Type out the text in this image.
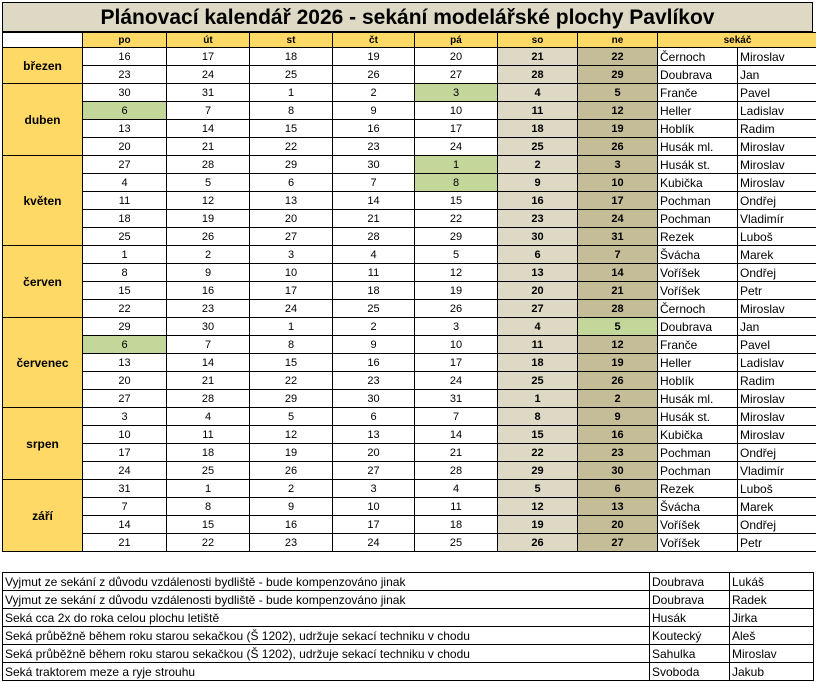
Plánovací kalendář 2026 - sekání modelářské plochy Pavlíkov
	po	út	st	čt	pá	so	ne	sekáč		
březen	16	17	18	19	20	21	22	Černoch	Miroslav	
	23	24	25	26	27	28	29	Doubrava	Jan	
duben	30	31	1	2	3	4	5	Franče	Pavel	
	6	7	8	9	10	11	12	Heller	Ladislav	
	13	14	15	16	17	18	19	Hoblík	Radim	
	20	21	22	23	24	25	26	Husák ml.	Miroslav	
květen	27	28	29	30	1	2	3	Husák st.	Miroslav	
	4	5	6	7	8	9	10	Kubička	Miroslav	
	11	12	13	14	15	16	17	Pochman	Ondřej	
	18	19	20	21	22	23	24	Pochman	Vladimír	
	25	26	27	28	29	30	31	Rezek	Luboš	
červen	1	2	3	4	5	6	7	Švácha	Marek	
	8	9	10	11	12	13	14	Voříšek	Ondřej	
	15	16	17	18	19	20	21	Voříšek	Petr	
	22	23	24	25	26	27	28	Černoch	Miroslav	
červenec	29	30	1	2	3	4	5	Doubrava	Jan	
	6	7	8	9	10	11	12	Franče	Pavel	
	13	14	15	16	17	18	19	Heller	Ladislav	
	20	21	22	23	24	25	26	Hoblík	Radim	
	27	28	29	30	31	1	2	Husák ml.	Miroslav	
srpen	3	4	5	6	7	8	9	Husák st.	Miroslav	
	10	11	12	13	14	15	16	Kubička	Miroslav	
	17	18	19	20	21	22	23	Pochman	Ondřej	
	24	25	26	27	28	29	30	Pochman	Vladimír	
září	31	1	2	3	4	5	6	Rezek	Luboš	
	7	8	9	10	11	12	13	Švácha	Marek	
	14	15	16	17	18	19	20	Voříšek	Ondřej	
	21	22	23	24	25	26	27	Voříšek	Petr	
Vyjmut ze sekání z důvodu vzdálenosti bydliště - bude kompenzováno jinak	Doubrava	Lukáš
Vyjmut ze sekání z důvodu vzdálenosti bydliště - bude kompenzováno jinak	Doubrava	Radek
Seká cca 2x do roka celou plochu letiště	Husák	Jirka
Seká průběžně během roku starou sekačkou (Š 1202), udržuje sekací techniku v chodu	Koutecký	Aleš
Seká průběžně během roku starou sekačkou (Š 1202), udržuje sekací techniku v chodu	Sahulka	Miroslav
Seká traktorem meze a ryje strouhu	Svoboda	Jakub
